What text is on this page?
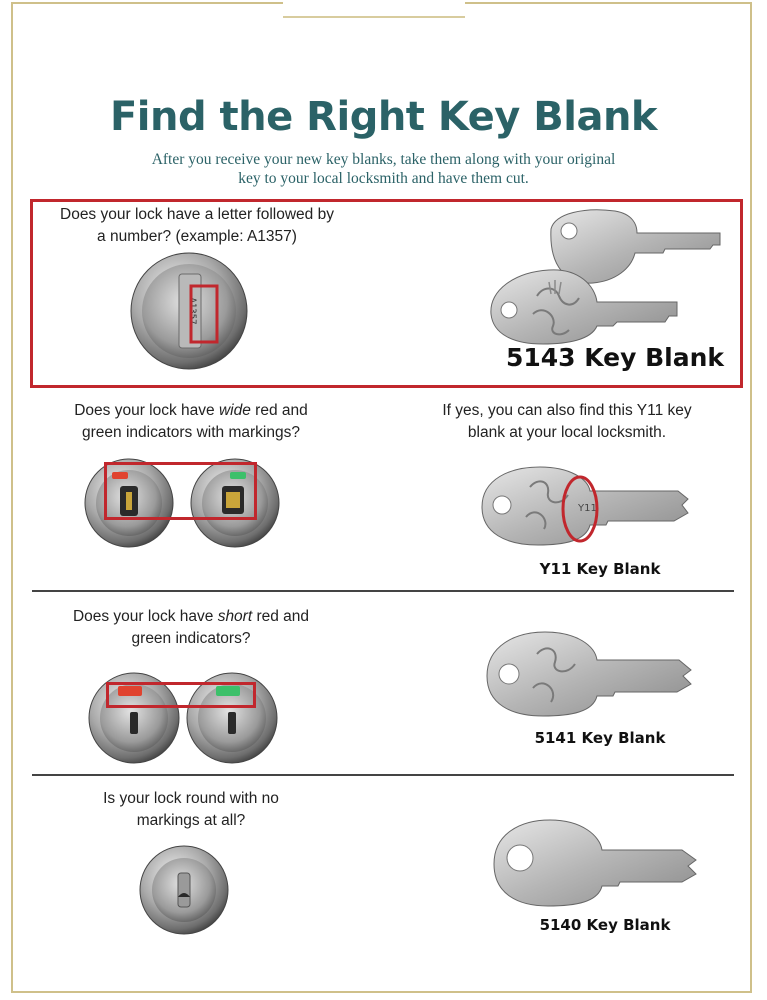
Find the Right Key Blank
After you receive your new key blanks, take them along with your original
key to your local locksmith and have them cut.
Does your lock have a letter followed by
a number? (example: A1357)
A1357
5143 Key Blank
Does your lock have wide red and
green indicators with markings?
If yes, you can also find this Y11 key
blank at your local locksmith.
Y11
Y11 Key Blank
Does your lock have short red and
green indicators?
5141 Key Blank
Is your lock round with no
markings at all?
5140 Key Blank
